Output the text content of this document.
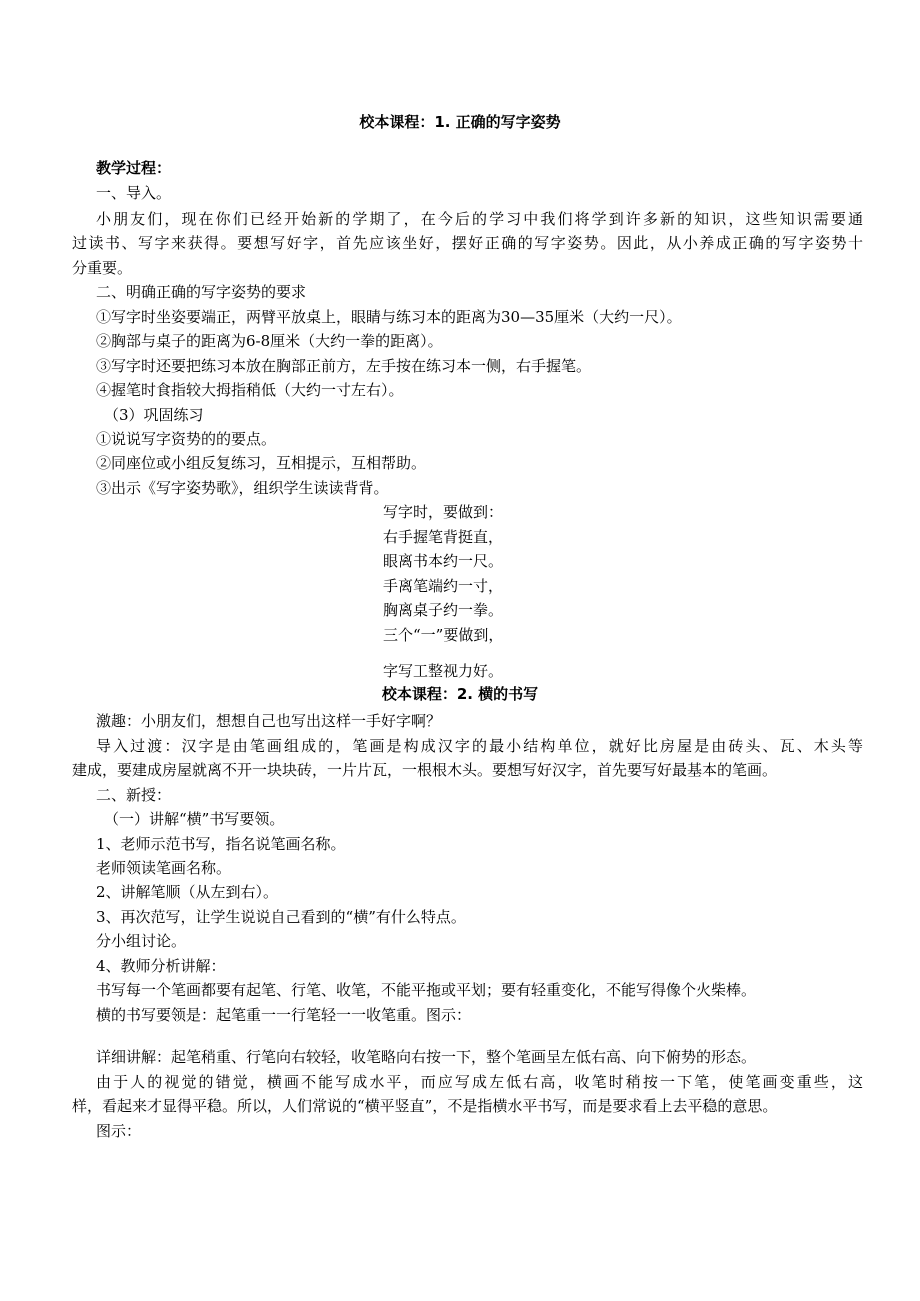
校本课程：1. 正确的写字姿势
教学过程：
一、导入。
小朋友们，现在你们已经开始新的学期了，在今后的学习中我们将学到许多新的知识，这些知识需要通
过读书、写字来获得。要想写好字，首先应该坐好，摆好正确的写字姿势。因此，从小养成正确的写字姿势十
分重要。
二、明确正确的写字姿势的要求
①写字时坐姿要端正，两臂平放桌上，眼睛与练习本的距离为30—35厘米（大约一尺）。
②胸部与桌子的距离为6-8厘米（大约一拳的距离）。
③写字时还要把练习本放在胸部正前方，左手按在练习本一侧，右手握笔。
④握笔时食指较大拇指稍低（大约一寸左右）。
（3）巩固练习
①说说写字资势的的要点。
②同座位或小组反复练习，互相提示，互相帮助。
③出示《写字姿势歌》，组织学生读读背背。
写字时，要做到：
右手握笔背挺直，
眼离书本约一尺。
手离笔端约一寸，
胸离桌子约一拳。
三个“一”要做到，
字写工整视力好。
校本课程：2. 横的书写
激趣：小朋友们，想想自己也写出这样一手好字啊？
导入过渡：汉字是由笔画组成的，笔画是构成汉字的最小结构单位，就好比房屋是由砖头、瓦、木头等
建成，要建成房屋就离不开一块块砖，一片片瓦，一根根木头。要想写好汉字，首先要写好最基本的笔画。
二、新授：
（一）讲解“横”书写要领。
1、老师示范书写，指名说笔画名称。
老师领读笔画名称。
2、讲解笔顺（从左到右）。
3、再次范写，让学生说说自己看到的“横”有什么特点。
分小组讨论。
4、教师分析讲解：
书写每一个笔画都要有起笔、行笔、收笔，不能平拖或平划；要有轻重变化，不能写得像个火柴棒。
横的书写要领是：起笔重一一行笔轻一一收笔重。图示：
详细讲解：起笔稍重、行笔向右较轻，收笔略向右按一下，整个笔画呈左低右高、向下俯势的形态。
由于人的视觉的错觉，横画不能写成水平，而应写成左低右高，收笔时稍按一下笔，使笔画变重些，这
样，看起来才显得平稳。所以，人们常说的“横平竖直”，不是指横水平书写，而是要求看上去平稳的意思。
图示：
